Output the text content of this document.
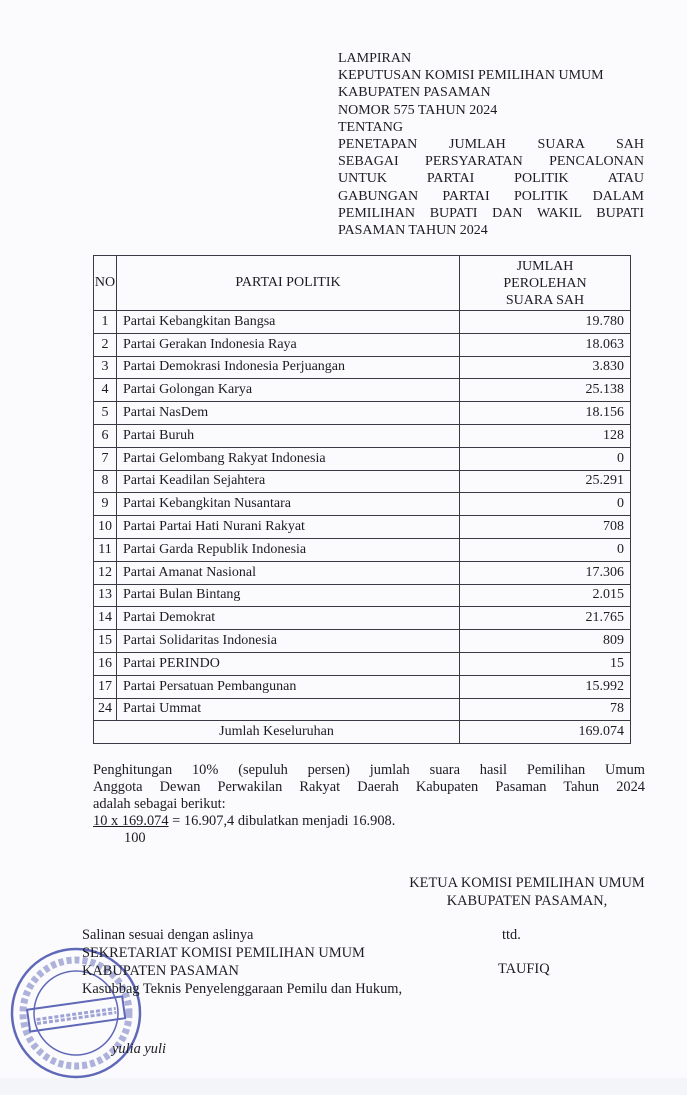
LAMPIRAN
KEPUTUSAN KOMISI PEMILIHAN UMUM
KABUPATEN PASAMAN
NOMOR 575 TAHUN 2024
TENTANG
PENETAPAN JUMLAH SUARA SAH
SEBAGAI PERSYARATAN PENCALONAN
UNTUK PARTAI POLITIK ATAU
GABUNGAN PARTAI POLITIK DALAM
PEMILIHAN BUPATI DAN WAKIL BUPATI
PASAMAN TAHUN 2024
NO	PARTAI POLITIK	JUMLAH
PEROLEHAN
SUARA SAH

1	Partai Kebangkitan Bangsa	19.780
2	Partai Gerakan Indonesia Raya	18.063
3	Partai Demokrasi Indonesia Perjuangan	3.830
4	Partai Golongan Karya	25.138
5	Partai NasDem	18.156
6	Partai Buruh	128
7	Partai Gelombang Rakyat Indonesia	0
8	Partai Keadilan Sejahtera	25.291
9	Partai Kebangkitan Nusantara	0
10	Partai Partai Hati Nurani Rakyat	708
11	Partai Garda Republik Indonesia	0
12	Partai Amanat Nasional	17.306
13	Partai Bulan Bintang	2.015
14	Partai Demokrat	21.765
15	Partai Solidaritas Indonesia	809
16	Partai PERINDO	15
17	Partai Persatuan Pembangunan	15.992
24	Partai Ummat	78
Jumlah Keseluruhan		169.074
Penghitungan 10% (sepuluh persen) jumlah suara hasil Pemilihan Umum
Anggota Dewan Perwakilan Rakyat Daerah Kabupaten Pasaman Tahun 2024
adalah sebagai berikut:
10 x 169.074 = 16.907,4 dibulatkan menjadi 16.908.
100
KETUA KOMISI PEMILIHAN UMUM
KABUPATEN PASAMAN,
ttd.
TAUFIQ
Salinan sesuai dengan aslinya
SEKRETARIAT KOMISI PEMILIHAN UMUM
KABUPATEN PASAMAN
Kasubbag Teknis Penyelenggaraan Pemilu dan Hukum,
yulia yuli
